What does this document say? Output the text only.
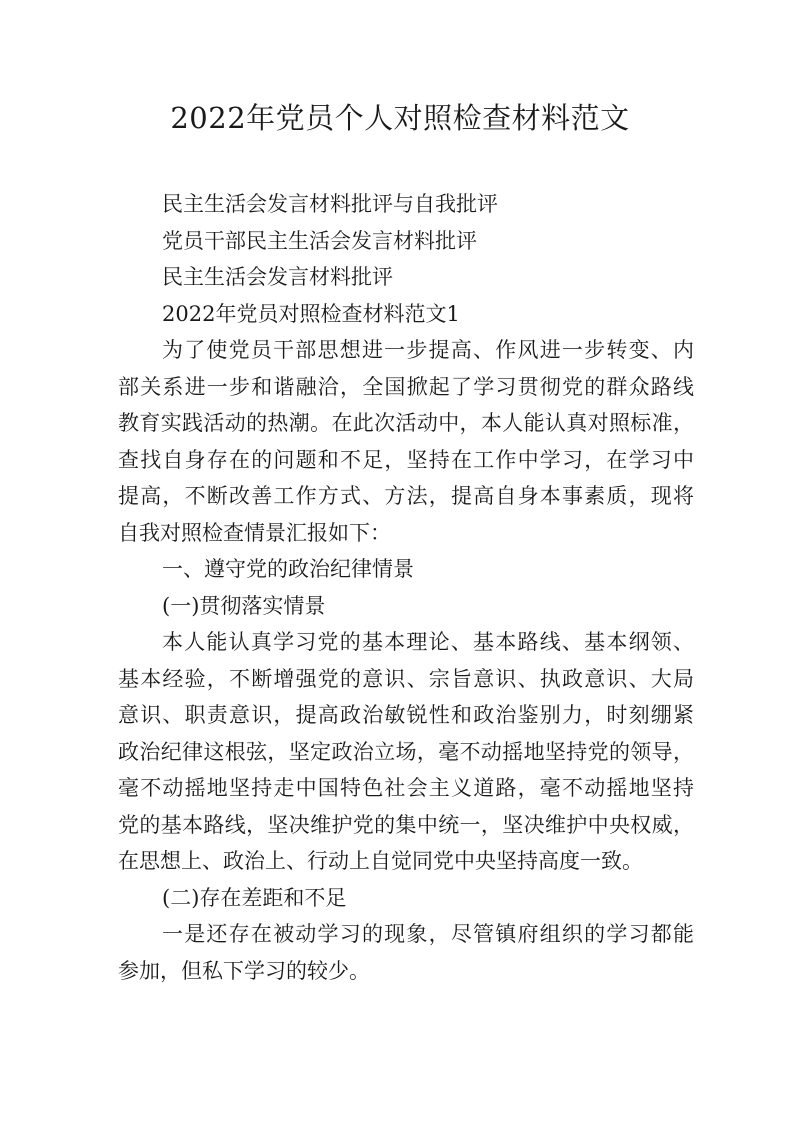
2022年党员个人对照检查材料范文
民主生活会发言材料批评与自我批评
党员干部民主生活会发言材料批评
民主生活会发言材料批评
2022年党员对照检查材料范文1
为了使党员干部思想进一步提高、作风进一步转变、内
部关系进一步和谐融洽，全国掀起了学习贯彻党的群众路线
教育实践活动的热潮。在此次活动中，本人能认真对照标准，
查找自身存在的问题和不足，坚持在工作中学习，在学习中
提高，不断改善工作方式、方法，提高自身本事素质，现将
自我对照检查情景汇报如下：
一、遵守党的政治纪律情景
(一)贯彻落实情景
本人能认真学习党的基本理论、基本路线、基本纲领、
基本经验，不断增强党的意识、宗旨意识、执政意识、大局
意识、职责意识，提高政治敏锐性和政治鉴别力，时刻绷紧
政治纪律这根弦，坚定政治立场，毫不动摇地坚持党的领导，
毫不动摇地坚持走中国特色社会主义道路，毫不动摇地坚持
党的基本路线，坚决维护党的集中统一，坚决维护中央权威，
在思想上、政治上、行动上自觉同党中央坚持高度一致。
(二)存在差距和不足
一是还存在被动学习的现象，尽管镇府组织的学习都能
参加，但私下学习的较少。
